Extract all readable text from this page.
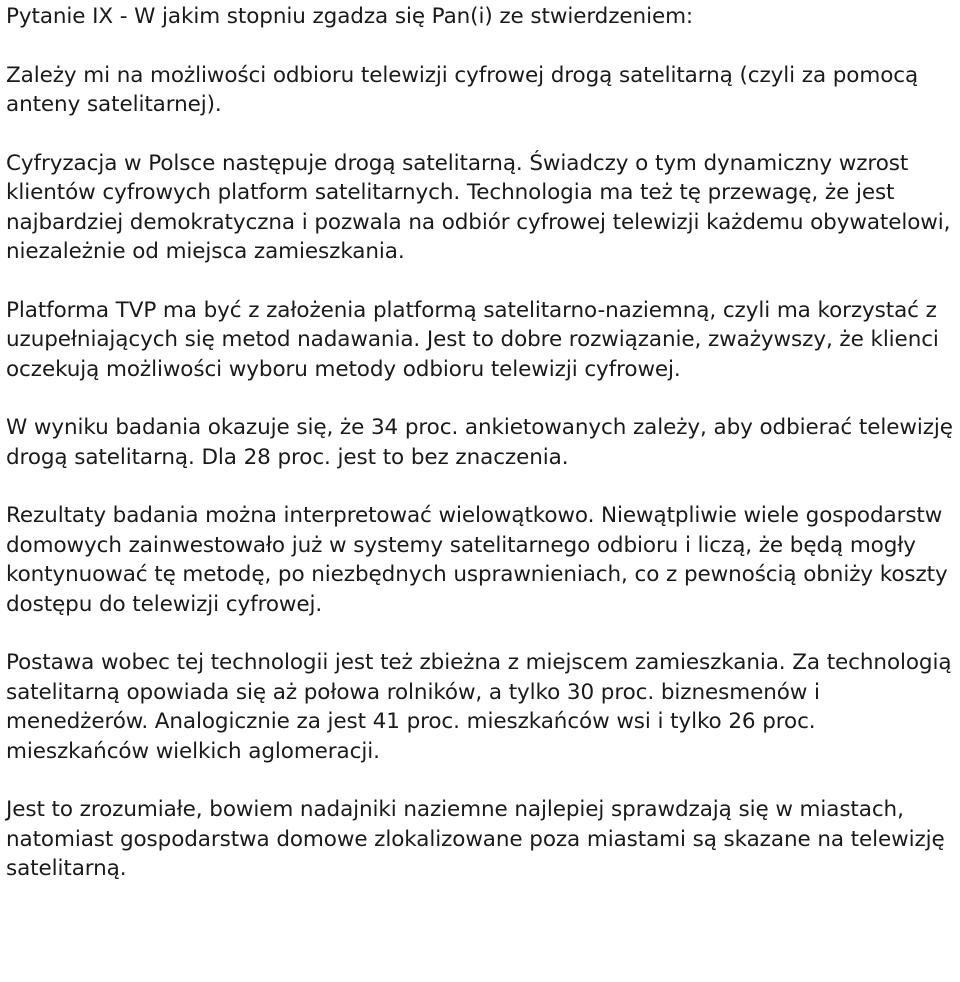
Pytanie IX - W jakim stopniu zgadza się Pan(i) ze stwierdzeniem:

Zależy mi na możliwości odbioru telewizji cyfrowej drogą satelitarną (czyli za pomocą anteny satelitarnej).

Cyfryzacja w Polsce następuje drogą satelitarną. Świadczy o tym dynamiczny wzrost klientów cyfrowych platform satelitarnych. Technologia ma też tę przewagę, że jest najbardziej demokratyczna i pozwala na odbiór cyfrowej telewizji każdemu obywatelowi, niezależnie od miejsca zamieszkania.

Platforma TVP ma być z założenia platformą satelitarno-naziemną, czyli ma korzystać z uzupełniających się metod nadawania. Jest to dobre rozwiązanie, zważywszy, że klienci oczekują możliwości wyboru metody odbioru telewizji cyfrowej.

W wyniku badania okazuje się, że 34 proc. ankietowanych zależy, aby odbierać telewizję drogą satelitarną. Dla 28 proc. jest to bez znaczenia.

Rezultaty badania można interpretować wielowątkowo. Niewątpliwie wiele gospodarstw domowych zainwestowało już w systemy satelitarnego odbioru i liczą, że będą mogły kontynuować tę metodę, po niezbędnych usprawnieniach, co z pewnością obniży koszty dostępu do telewizji cyfrowej.

Postawa wobec tej technologii jest też zbieżna z miejscem zamieszkania. Za technologią satelitarną opowiada się aż połowa rolników, a tylko 30 proc. biznesmenów i menedżerów. Analogicznie za jest 41 proc. mieszkańców wsi i tylko 26 proc. mieszkańców wielkich aglomeracji.

Jest to zrozumiałe, bowiem nadajniki naziemne najlepiej sprawdzają się w miastach, natomiast gospodarstwa domowe zlokalizowane poza miastami są skazane na telewizję satelitarną.
